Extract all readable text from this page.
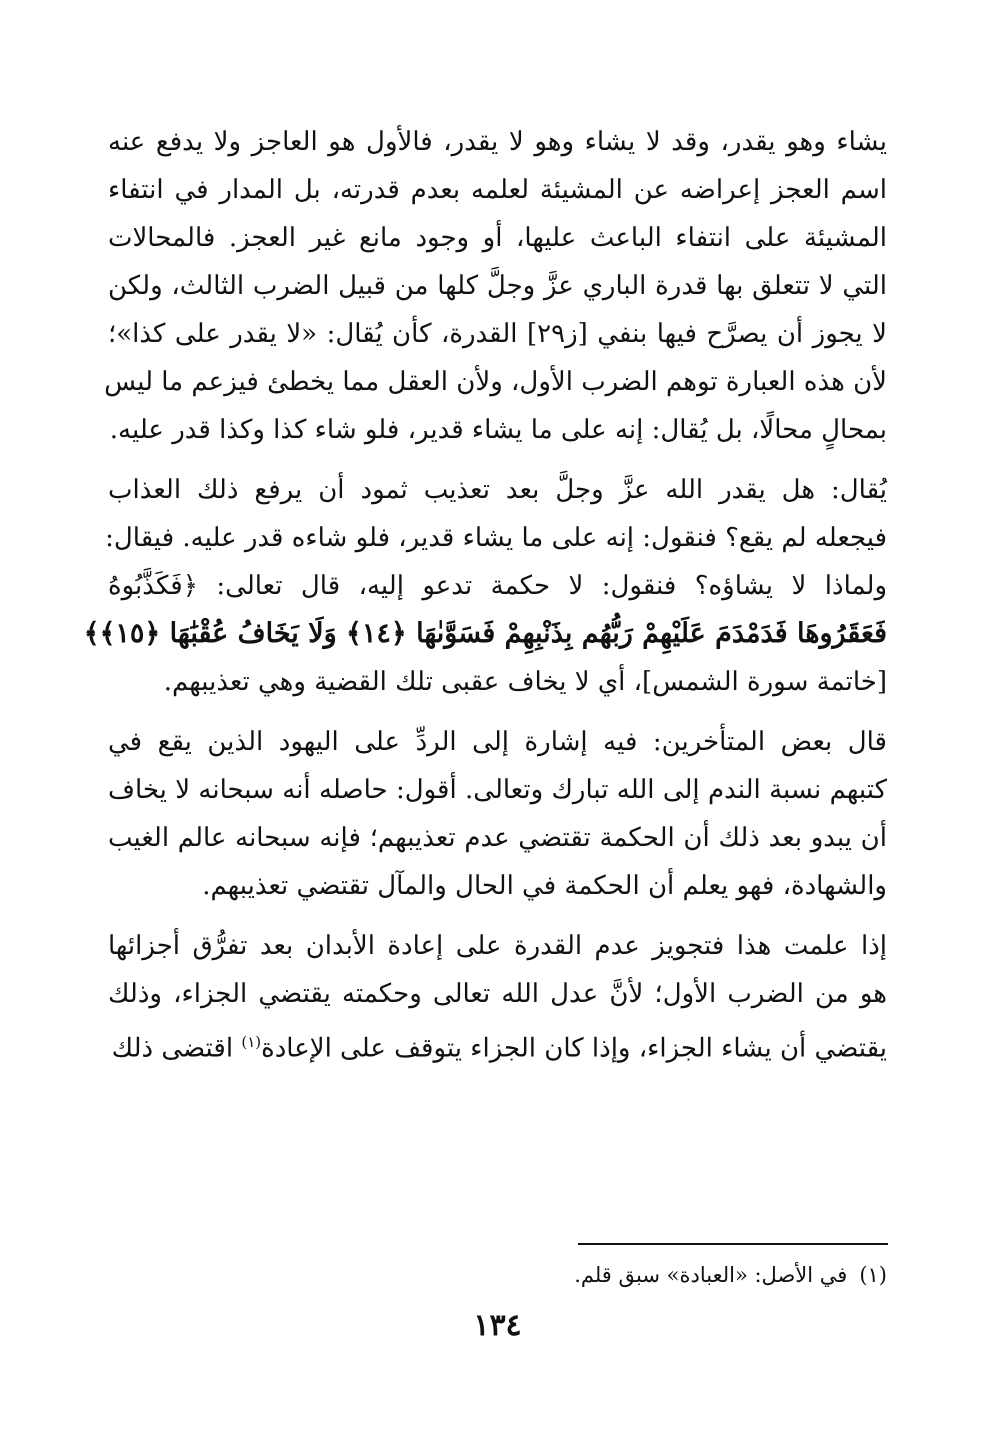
يشاء وهو يقدر، وقد لا يشاء وهو لا يقدر، فالأول هو العاجز ولا يدفع عنه
اسم العجز إعراضه عن المشيئة لعلمه بعدم قدرته، بل المدار في انتفاء
المشيئة على انتفاء الباعث عليها، أو وجود مانع غير العجز. فالمحالات
التي لا تتعلق بها قدرة الباري عزَّ وجلَّ كلها من قبيل الضرب الثالث، ولكن
لا يجوز أن يصرَّح فيها بنفي [ز٢٩] القدرة، كأن يُقال: «لا يقدر على كذا»؛
لأن هذه العبارة توهم الضرب الأول، ولأن العقل مما يخطئ فيزعم ما ليس
بمحالٍ محالًا، بل يُقال: إنه على ما يشاء قدير، فلو شاء كذا وكذا قدر عليه.
يُقال: هل يقدر الله عزَّ وجلَّ بعد تعذيب ثمود أن يرفع ذلك العذاب
فيجعله لم يقع؟ فنقول: إنه على ما يشاء قدير، فلو شاءه قدر عليه. فيقال:
ولماذا لا يشاؤه؟ فنقول: لا حكمة تدعو إليه، قال تعالى: ﴿فَكَذَّبُوهُ
فَعَقَرُوهَا فَدَمْدَمَ عَلَيْهِمْ رَبُّهُم بِذَنْبِهِمْ فَسَوَّىٰهَا ﴿١٤﴾ وَلَا يَخَافُ عُقْبَٰهَا ﴿١٥﴾﴾
[خاتمة سورة الشمس]، أي لا يخاف عقبى تلك القضية وهي تعذيبهم.
قال بعض المتأخرين: فيه إشارة إلى الردِّ على اليهود الذين يقع في
كتبهم نسبة الندم إلى الله تبارك وتعالى. أقول: حاصله أنه سبحانه لا يخاف
أن يبدو بعد ذلك أن الحكمة تقتضي عدم تعذيبهم؛ فإنه سبحانه عالم الغيب
والشهادة، فهو يعلم أن الحكمة في الحال والمآل تقتضي تعذيبهم.
إذا علمت هذا فتجويز عدم القدرة على إعادة الأبدان بعد تفرُّق أجزائها
هو من الضرب الأول؛ لأنَّ عدل الله تعالى وحكمته يقتضي الجزاء، وذلك
يقتضي أن يشاء الجزاء، وإذا كان الجزاء يتوقف على الإعادة$^{(١)}$ اقتضى ذلك
(١)في الأصل: «العبادة» سبق قلم.
١٣٤
